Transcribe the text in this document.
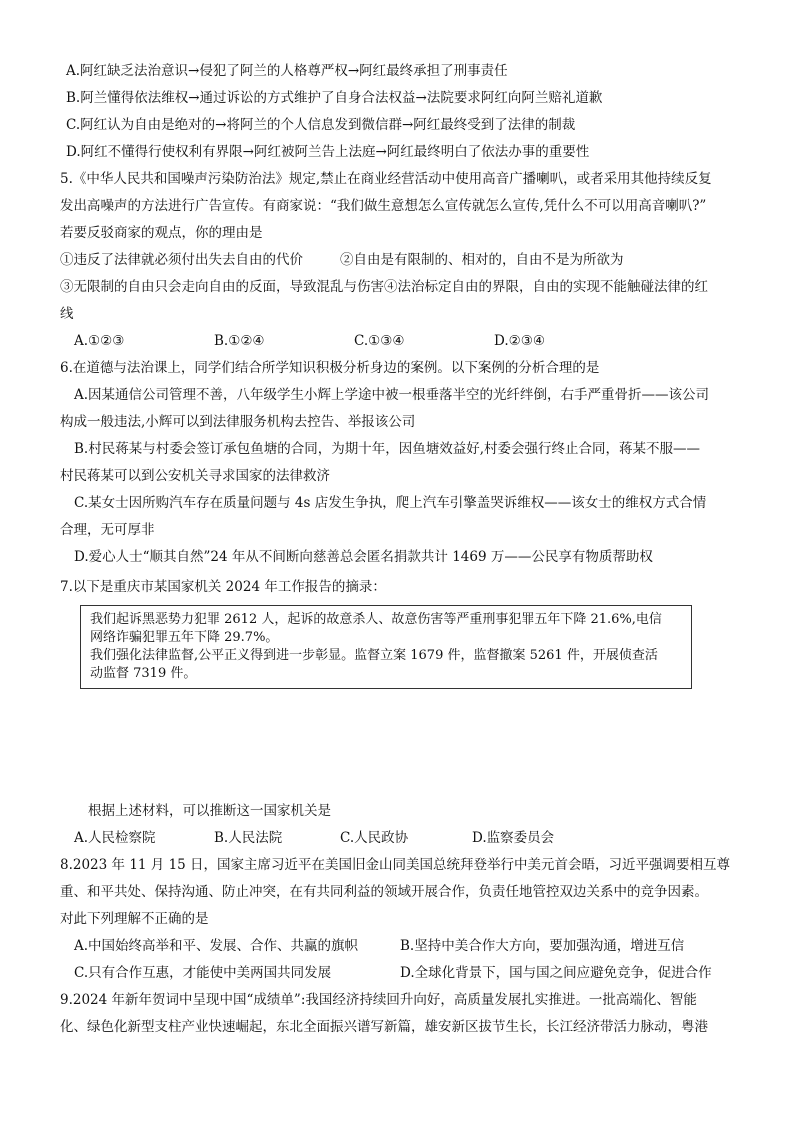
A.阿红缺乏法治意识→侵犯了阿兰的人格尊严权→阿红最终承担了刑事责任
B.阿兰懂得依法维权→通过诉讼的方式维护了自身合法权益→法院要求阿红向阿兰赔礼道歉
C.阿红认为自由是绝对的→将阿兰的个人信息发到微信群→阿红最终受到了法律的制裁
D.阿红不懂得行使权利有界限→阿红被阿兰告上法庭→阿红最终明白了依法办事的重要性
5.《中华人民共和国噪声污染防治法》规定,禁止在商业经营活动中使用高音广播喇叭，或者采用其他持续反复
发出高噪声的方法进行广告宣传。有商家说：“我们做生意想怎么宣传就怎么宣传,凭什么不可以用高音喇叭?”
若要反驳商家的观点，你的理由是
①违反了法律就必须付出失去自由的代价	②自由是有限制的、相对的，自由不是为所欲为
③无限制的自由只会走向自由的反面，导致混乱与伤害④法治标定自由的界限，自由的实现不能触碰法律的红
线
A.①②③	B.①②④	C.①③④	D.②③④
6.在道德与法治课上，同学们结合所学知识积极分析身边的案例。以下案例的分析合理的是
A.因某通信公司管理不善，八年级学生小辉上学途中被一根垂落半空的光纤绊倒，右手严重骨折——该公司
构成一般违法,小辉可以到法律服务机构去控告、举报该公司
B.村民蒋某与村委会签订承包鱼塘的合同，为期十年，因鱼塘效益好,村委会强行终止合同，蒋某不服——
村民蒋某可以到公安机关寻求国家的法律救济
C.某女士因所购汽车存在质量问题与 4s 店发生争执，爬上汽车引擎盖哭诉维权——该女士的维权方式合情
合理，无可厚非
D.爱心人士“顺其自然”24 年从不间断向慈善总会匿名捐款共计 1469 万——公民享有物质帮助权
7.以下是重庆市某国家机关 2024 年工作报告的摘录：
我们起诉黑恶势力犯罪 2612 人，起诉的故意杀人、故意伤害等严重刑事犯罪五年下降 21.6%,电信
网络诈骗犯罪五年下降 29.7%。
我们强化法律监督,公平正义得到进一步彰显。监督立案 1679 件，监督撤案 5261 件，开展侦查活
动监督 7319 件。
根据上述材料，可以推断这一国家机关是
A.人民检察院	B.人民法院	C.人民政协	D.监察委员会
8.2023 年 11 月 15 日，国家主席习近平在美国旧金山同美国总统拜登举行中美元首会晤，习近平强调要相互尊
重、和平共处、保持沟通、防止冲突，在有共同利益的领域开展合作，负责任地管控双边关系中的竞争因素。
对此下列理解不正确的是
A.中国始终高举和平、发展、合作、共赢的旗帜	B.坚持中美合作大方向，要加强沟通，增进互信
C.只有合作互惠，才能使中美两国共同发展	D.全球化背景下，国与国之间应避免竞争，促进合作
9.2024 年新年贺词中呈现中国“成绩单”:我国经济持续回升向好，高质量发展扎实推进。一批高端化、智能
化、绿色化新型支柱产业快速崛起，东北全面振兴谱写新篇，雄安新区拔节生长，长江经济带活力脉动，粤港
